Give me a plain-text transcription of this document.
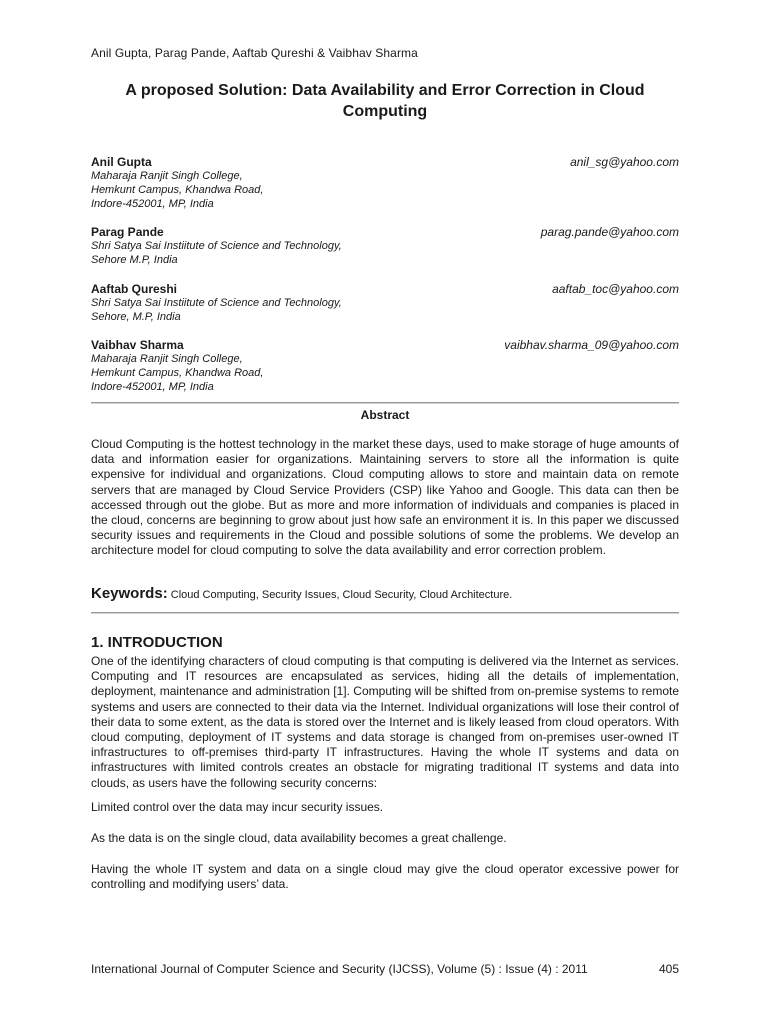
Anil Gupta, Parag Pande, Aaftab Qureshi & Vaibhav Sharma
A proposed Solution: Data Availability and Error Correction in Cloud Computing
Anil Gupta	anil_sg@yahoo.com
Maharaja Ranjit Singh College,
Hemkunt Campus, Khandwa Road,
Indore-452001, MP, India
Parag Pande	parag.pande@yahoo.com
Shri Satya Sai Instiitute of Science and Technology,
Sehore M.P, India
Aaftab Qureshi	aaftab_toc@yahoo.com
Shri Satya Sai Instiitute of Science and Technology,
Sehore, M.P, India
Vaibhav Sharma	vaibhav.sharma_09@yahoo.com
Maharaja Ranjit Singh College,
Hemkunt Campus, Khandwa Road,
Indore-452001, MP, India
Abstract
Cloud Computing is the hottest technology in the market these days, used to make storage of huge amounts of data and information easier for organizations. Maintaining servers to store all the information is quite expensive for individual and organizations. Cloud computing allows to store and maintain data on remote servers that are managed by Cloud Service Providers (CSP) like Yahoo and Google. This data can then be accessed through out the globe. But as more and more information of individuals and companies is placed in the cloud, concerns are beginning to grow about just how safe an environment it is. In this paper we discussed security issues and requirements in the Cloud and possible solutions of some the problems. We develop an architecture model for cloud computing to solve the data availability and error correction problem.
Keywords: Cloud Computing, Security Issues, Cloud Security, Cloud Architecture.
1. INTRODUCTION
One of the identifying characters of cloud computing is that computing is delivered via the Internet as services. Computing and IT resources are encapsulated as services, hiding all the details of implementation, deployment, maintenance and administration [1]. Computing will be shifted from on-premise systems to remote systems and users are connected to their data via the Internet. Individual organizations will lose their control of their data to some extent, as the data is stored over the Internet and is likely leased from cloud operators. With cloud computing, deployment of IT systems and data storage is changed from on-premises user-owned IT infrastructures to off-premises third-party IT infrastructures. Having the whole IT systems and data on infrastructures with limited controls creates an obstacle for migrating traditional IT systems and data into clouds, as users have the following security concerns:
Limited control over the data may incur security issues.
As the data is on the single cloud, data availability becomes a great challenge.
Having the whole IT system and data on a single cloud may give the cloud operator excessive power for controlling and modifying users’ data.
International Journal of Computer Science and Security (IJCSS), Volume (5) : Issue (4) : 2011	405
